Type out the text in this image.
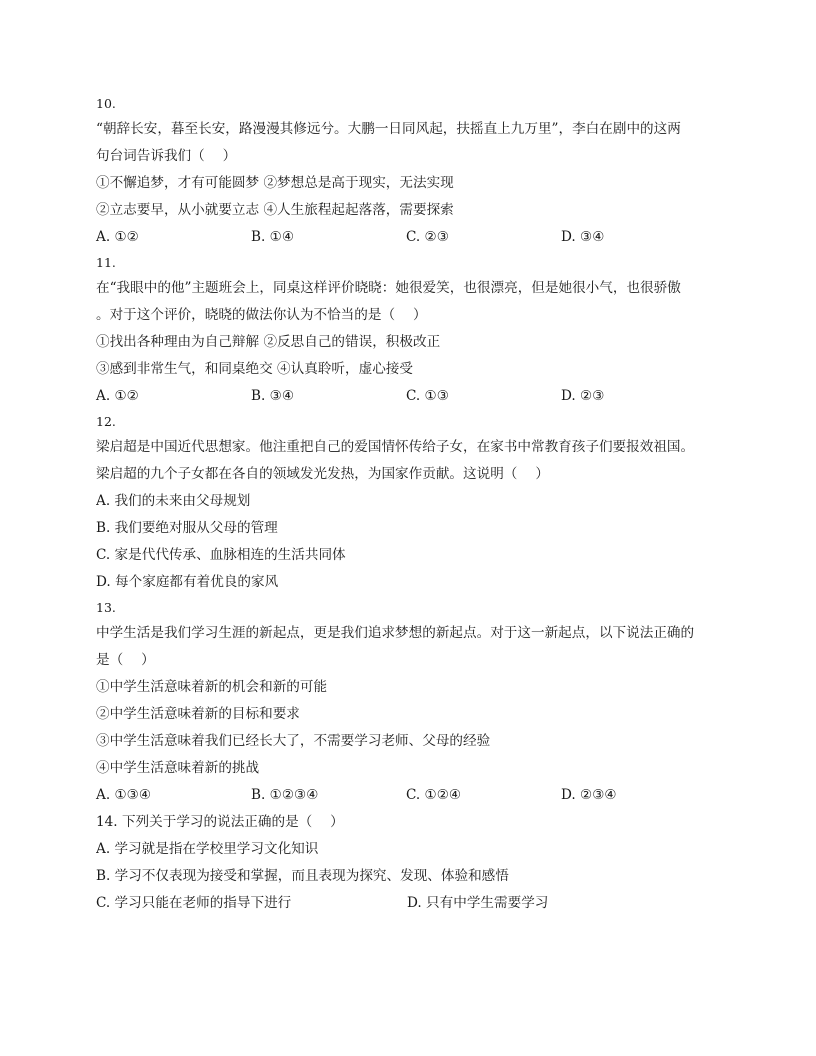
10.
“朝辞长安，暮至长安，路漫漫其修远兮。大鹏一日同风起，扶摇直上九万里”，李白在剧中的这两
句台词告诉我们（　 ）
①不懈追梦，才有可能圆梦 ②梦想总是高于现实，无法实现
②立志要早，从小就要立志 ④人生旅程起起落落，需要探索
A. ①②	B. ①④	C. ②③	D. ③④
11.
在“我眼中的他”主题班会上，同桌这样评价晓晓：她很爱笑，也很漂亮，但是她很小气，也很骄傲
。对于这个评价，晓晓的做法你认为不恰当的是（　 ）
①找出各种理由为自己辩解 ②反思自己的错误，积极改正
③感到非常生气，和同桌绝交 ④认真聆听，虚心接受
A. ①②	B. ③④	C. ①③	D. ②③
12.
梁启超是中国近代思想家。他注重把自己的爱国情怀传给子女，在家书中常教育孩子们要报效祖国。
梁启超的九个子女都在各自的领域发光发热，为国家作贡献。这说明（　 ）
A. 我们的未来由父母规划
B. 我们要绝对服从父母的管理
C. 家是代代传承、血脉相连的生活共同体
D. 每个家庭都有着优良的家风
13.
中学生活是我们学习生涯的新起点，更是我们追求梦想的新起点。对于这一新起点，以下说法正确的
是（　 ）
①中学生活意味着新的机会和新的可能
②中学生活意味着新的目标和要求
③中学生活意味着我们已经长大了，不需要学习老师、父母的经验
④中学生活意味着新的挑战
A. ①③④	B. ①②③④	C. ①②④	D. ②③④
14. 下列关于学习的说法正确的是（　 ）
A. 学习就是指在学校里学习文化知识
B. 学习不仅表现为接受和掌握，而且表现为探究、发现、体验和感悟
C. 学习只能在老师的指导下进行	D. 只有中学生需要学习
